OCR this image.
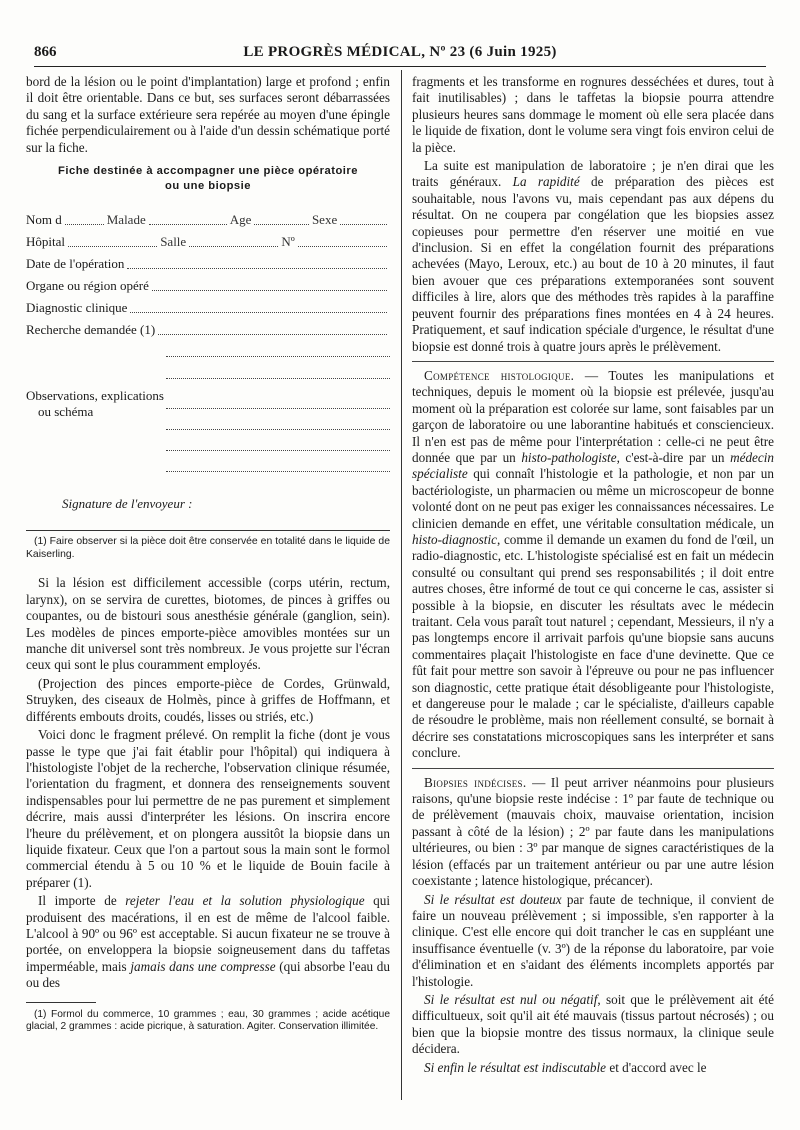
866	LE PROGRÈS MÉDICAL, Nº 23 (6 Juin 1925)

bord de la lésion ou le point d'implantation) large et profond ; enfin il doit être orientable. Dans ce but, ses surfaces seront débarrassées du sang et la surface extérieure sera repérée au moyen d'une épingle fichée perpendiculairement ou à l'aide d'un dessin schématique porté sur la fiche.

Fiche destinée à accompagner une pièce opératoire
ou une biopsie
Nom d	Malade	Age	Sexe
Hôpital	Salle	Nº
Date de l'opération
Organe ou région opéré
Diagnostic clinique
Recherche demandée (1)
Observations, explications
ou schéma
Signature de l'envoyeur :
(1) Faire observer si la pièce doit être conservée en totalité dans le liquide de Kaiserling.

Si la lésion est difficilement accessible (corps utérin, rectum, larynx), on se servira de curettes, biotomes, de pinces à griffes ou coupantes, ou de bistouri sous anesthésie générale (ganglion, sein). Les modèles de pinces emporte-pièce amovibles montées sur un manche dit universel sont très nombreux. Je vous projette sur l'écran ceux qui sont le plus couramment employés.

(Projection des pinces emporte-pièce de Cordes, Grünwald, Struyken, des ciseaux de Holmès, pince à griffes de Hoffmann, et différents embouts droits, coudés, lisses ou striés, etc.)

Voici donc le fragment prélevé. On remplit la fiche (dont je vous passe le type que j'ai fait établir pour l'hôpital) qui indiquera à l'histologiste l'objet de la recherche, l'observation clinique résumée, l'orientation du fragment, et donnera des renseignements souvent indispensables pour lui permettre de ne pas purement et simplement décrire, mais aussi d'interpréter les lésions. On inscrira encore l'heure du prélèvement, et on plongera aussitôt la biopsie dans un liquide fixateur. Ceux que l'on a partout sous la main sont le formol commercial étendu à 5 ou 10 % et le liquide de Bouin facile à préparer (1).

Il importe de rejeter l'eau et la solution physiologique qui produisent des macérations, il en est de même de l'alcool faible. L'alcool à 90º ou 96º est acceptable. Si aucun fixateur ne se trouve à portée, on enveloppera la biopsie soigneusement dans du taffetas imperméable, mais jamais dans une compresse (qui absorbe l'eau du ou des

(1) Formol du commerce, 10 grammes ; eau, 30 grammes ; acide acétique glacial, 2 grammes : acide picrique, à saturation. Agiter. Conservation illimitée.

fragments et les transforme en rognures desséchées et dures, tout à fait inutilisables) ; dans le taffetas la biopsie pourra attendre plusieurs heures sans dommage le moment où elle sera placée dans le liquide de fixation, dont le volume sera vingt fois environ celui de la pièce.

La suite est manipulation de laboratoire ; je n'en dirai que les traits généraux. La rapidité de préparation des pièces est souhaitable, nous l'avons vu, mais cependant pas aux dépens du résultat. On ne coupera par congélation que les biopsies assez copieuses pour permettre d'en réserver une moitié en vue d'inclusion. Si en effet la congélation fournit des préparations achevées (Mayo, Leroux, etc.) au bout de 10 à 20 minutes, il faut bien avouer que ces préparations extemporanées sont souvent difficiles à lire, alors que des méthodes très rapides à la paraffine peuvent fournir des préparations fines montées en 4 à 24 heures. Pratiquement, et sauf indication spéciale d'urgence, le résultat d'une biopsie est donné trois à quatre jours après le prélèvement.

Compétence histologique. — Toutes les manipulations et techniques, depuis le moment où la biopsie est prélevée, jusqu'au moment où la préparation est colorée sur lame, sont faisables par un garçon de laboratoire ou une laborantine habitués et consciencieux. Il n'en est pas de même pour l'interprétation : celle-ci ne peut être donnée que par un histo-pathologiste, c'est-à-dire par un médecin spécialiste qui connaît l'histologie et la pathologie, et non par un bactériologiste, un pharmacien ou même un microscopeur de bonne volonté dont on ne peut pas exiger les connaissances nécessaires. Le clinicien demande en effet, une véritable consultation médicale, un histo-diagnostic, comme il demande un examen du fond de l'œil, un radio-diagnostic, etc. L'histologiste spécialisé est en fait un médecin consulté ou consultant qui prend ses responsabilités ; il doit entre autres choses, être informé de tout ce qui concerne le cas, assister si possible à la biopsie, en discuter les résultats avec le médecin traitant. Cela vous paraît tout naturel ; cependant, Messieurs, il n'y a pas longtemps encore il arrivait parfois qu'une biopsie sans aucuns commentaires plaçait l'histologiste en face d'une devinette. Que ce fût fait pour mettre son savoir à l'épreuve ou pour ne pas influencer son diagnostic, cette pratique était désobligeante pour l'histologiste, et dangereuse pour le malade ; car le spécialiste, d'ailleurs capable de résoudre le problème, mais non réellement consulté, se bornait à décrire ses constatations microscopiques sans les interpréter et sans conclure.

Biopsies indécises. — Il peut arriver néanmoins pour plusieurs raisons, qu'une biopsie reste indécise : 1º par faute de technique ou de prélèvement (mauvais choix, mauvaise orientation, incision passant à côté de la lésion) ; 2º par faute dans les manipulations ultérieures, ou bien : 3º par manque de signes caractéristiques de la lésion (effacés par un traitement antérieur ou par une autre lésion coexistante ; latence histologique, précancer).

Si le résultat est douteux par faute de technique, il convient de faire un nouveau prélèvement ; si impossible, s'en rapporter à la clinique. C'est elle encore qui doit trancher le cas en suppléant une insuffisance éventuelle (v. 3º) de la réponse du laboratoire, par voie d'élimination et en s'aidant des éléments incomplets apportés par l'histologie.

Si le résultat est nul ou négatif, soit que le prélèvement ait été difficultueux, soit qu'il ait été mauvais (tissus partout nécrosés) ; ou bien que la biopsie montre des tissus normaux, la clinique seule décidera.

Si enfin le résultat est indiscutable et d'accord avec le
